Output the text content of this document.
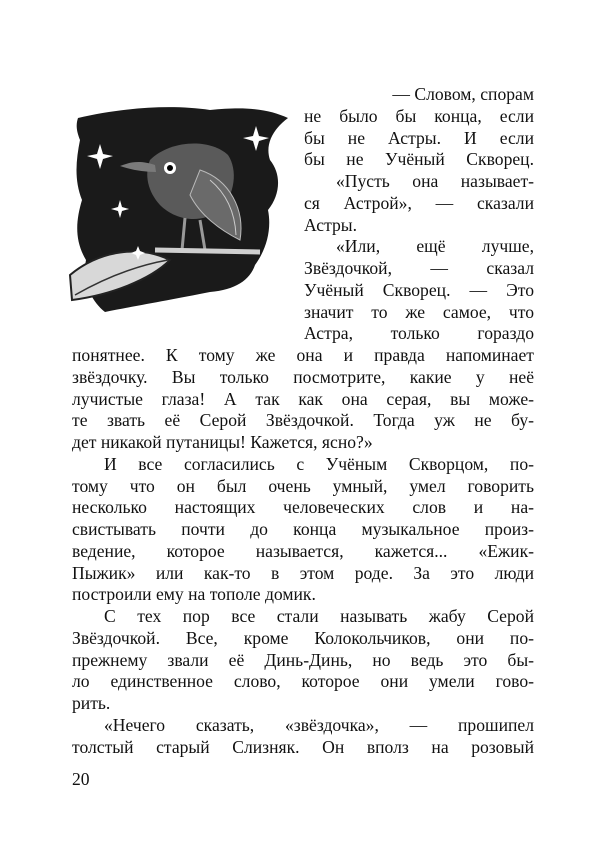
— Словом, спорам
не было бы конца, если
бы не Астры. И если
бы не Учёный Скворец.
«Пусть она называет-
ся Астрой», — сказали
Астры.
«Или, ещё лучше,
Звёздочкой, — сказал
Учёный Скворец. — Это
значит то же самое, что
Астра, только гораздо
понятнее. К тому же она и правда напоминает
звёздочку. Вы только посмотрите, какие у неё
лучистые глаза! А так как она серая, вы може-
те звать её Серой Звёздочкой. Тогда уж не бу-
дет никакой путаницы! Кажется, ясно?»
И все согласились с Учёным Скворцом, по-
тому что он был очень умный, умел говорить
несколько настоящих человеческих слов и на-
свистывать почти до конца музыкальное произ-
ведение, которое называется, кажется... «Ежик-
Пыжик» или как-то в этом роде. За это люди
построили ему на тополе домик.
С тех пор все стали называть жабу Серой
Звёздочкой. Все, кроме Колокольчиков, они по-
прежнему звали её Динь-Динь, но ведь это бы-
ло единственное слово, которое они умели гово-
рить.
«Нечего сказать, «звёздочка», — прошипел
толстый старый Слизняк. Он вполз на розовый
20
